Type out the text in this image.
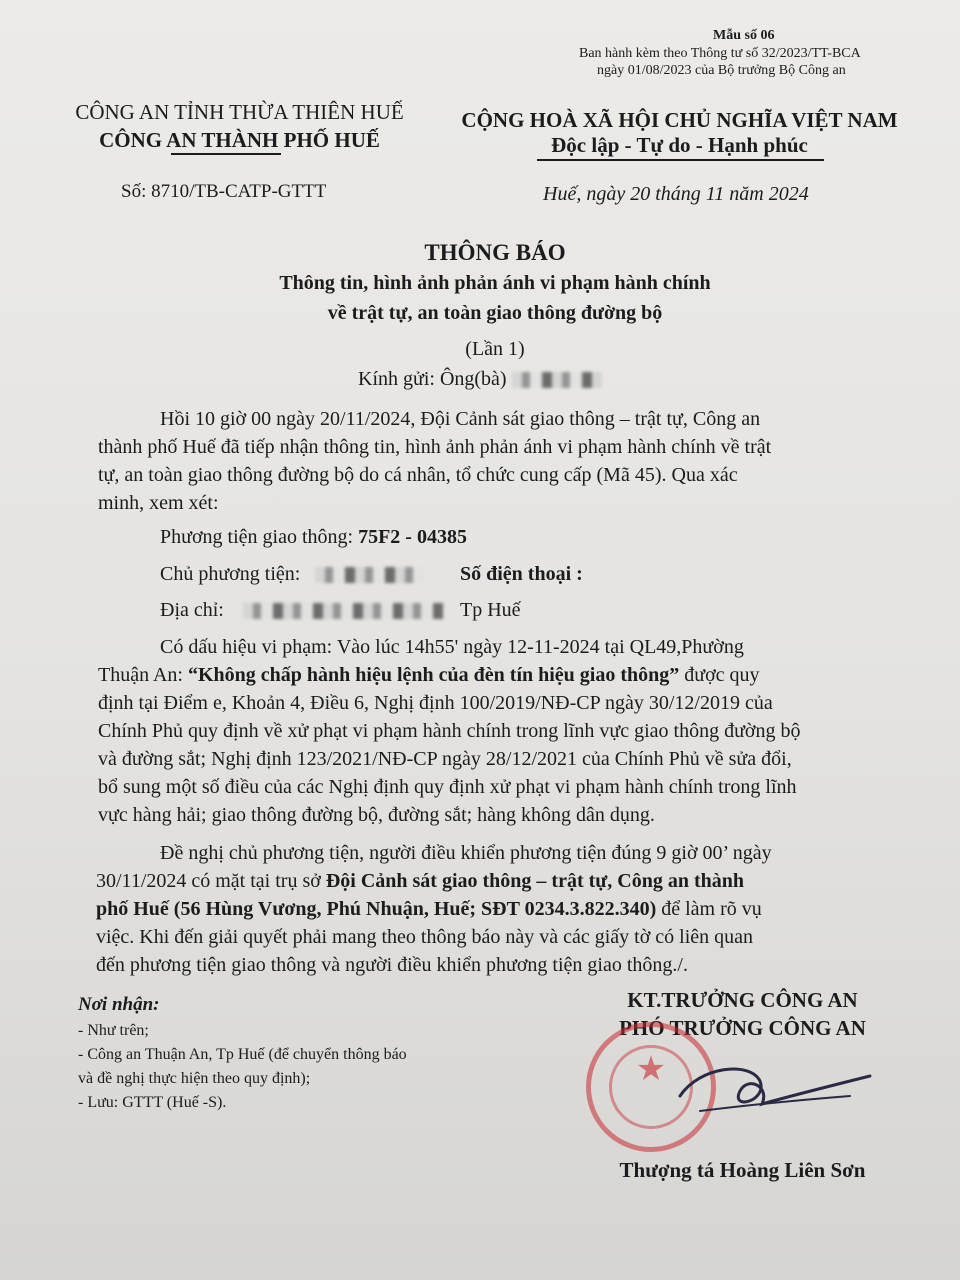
Mẫu số 06
Ban hành kèm theo Thông tư số 32/2023/TT-BCA
ngày 01/08/2023 của Bộ trưởng Bộ Công an
CÔNG AN TỈNH THỪA THIÊN HUẾ
CÔNG AN THÀNH PHỐ HUẾ
Số: 8710/TB-CATP-GTTT
CỘNG HOÀ XÃ HỘI CHỦ NGHĨA VIỆT NAM
Độc lập - Tự do - Hạnh phúc
Huế, ngày 20 tháng 11 năm 2024
THÔNG BÁO
Thông tin, hình ảnh phản ánh vi phạm hành chính
về trật tự, an toàn giao thông đường bộ
(Lần 1)
Kính gửi: Ông(bà)
Hồi 10 giờ 00 ngày 20/11/2024, Đội Cảnh sát giao thông – trật tự, Công an
thành phố Huế đã tiếp nhận thông tin, hình ảnh phản ánh vi phạm hành chính về trật
tự, an toàn giao thông đường bộ do cá nhân, tổ chức cung cấp (Mã 45). Qua xác
minh, xem xét:
Phương tiện giao thông: 75F2 - 04385
Chủ phương tiện:	Số điện thoại :
Địa chỉ:	Tp Huế
Có dấu hiệu vi phạm: Vào lúc 14h55' ngày 12-11-2024 tại QL49,Phường
Thuận An: “Không chấp hành hiệu lệnh của đèn tín hiệu giao thông” được quy
định tại Điểm e, Khoản 4, Điều 6, Nghị định 100/2019/NĐ-CP ngày 30/12/2019 của
Chính Phủ quy định về xử phạt vi phạm hành chính trong lĩnh vực giao thông đường bộ
và đường sắt; Nghị định 123/2021/NĐ-CP ngày 28/12/2021 của Chính Phủ về sửa đổi,
bổ sung một số điều của các Nghị định quy định xử phạt vi phạm hành chính trong lĩnh
vực hàng hải; giao thông đường bộ, đường sắt; hàng không dân dụng.
Đề nghị chủ phương tiện, người điều khiển phương tiện đúng 9 giờ 00’ ngày
30/11/2024 có mặt tại trụ sở Đội Cảnh sát giao thông – trật tự, Công an thành
phố Huế (56 Hùng Vương, Phú Nhuận, Huế; SĐT 0234.3.822.340) để làm rõ vụ
việc. Khi đến giải quyết phải mang theo thông báo này và các giấy tờ có liên quan
đến phương tiện giao thông và người điều khiển phương tiện giao thông./.
Nơi nhận:
- Như trên;
- Công an Thuận An, Tp Huế (để chuyển thông báo
và đề nghị thực hiện theo quy định);
- Lưu: GTTT (Huế -S).
KT.TRƯỞNG CÔNG AN
PHÓ TRƯỞNG CÔNG AN
★
Thượng tá Hoàng Liên Sơn
